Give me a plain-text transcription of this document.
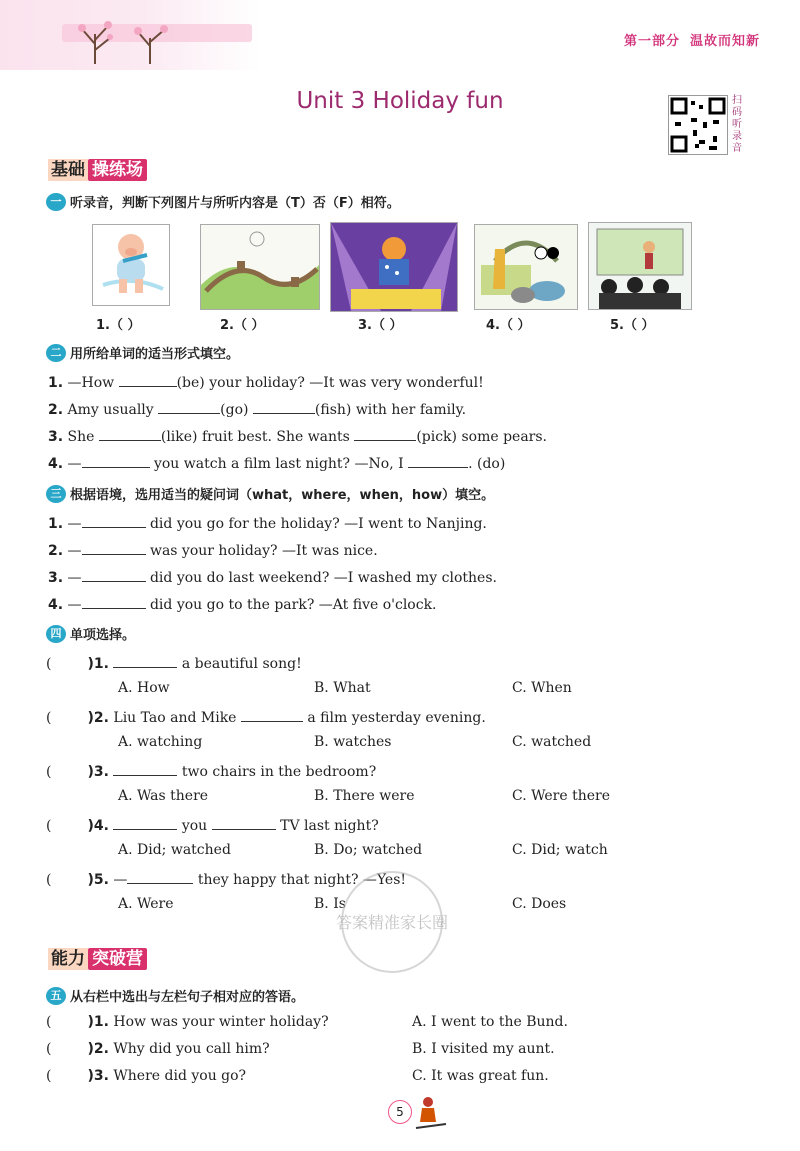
第一部分 温故而知新
Unit 3 Holiday fun	扫码听录音
基础 操练场
一 听录音，判断下列图片与所听内容是（T）否（F）相符。
1.（ ）	2.（ ）	3.（ ）	4.（ ）	5.（ ）
二 用所给单词的适当形式填空。
1. —How	(be) your holiday? —It was very wonderful!
2. Amy usually	(go)	(fish) with her family.
3. She	(like) fruit best. She wants	(pick) some pears.
4. —	you watch a film last night? —No, I	. (do)
三 根据语境，选用适当的疑问词（what，where，when，how）填空。
1. —	did you go for the holiday? —I went to Nanjing.
2. —	was your holiday? —It was nice.
3. —	did you do last weekend? —I washed my clothes.
4. —	did you go to the park? —At five o'clock.
四 单项选择。
(	)1.	a beautiful song!
A. How	B. What	C. When
(	)2. Liu Tao and Mike	a film yesterday evening.
A. watching	B. watches	C. watched
(	)3.	two chairs in the bedroom?
A. Was there	B. There were	C. Were there
(	)4.	you	TV last night?
A. Did; watched	B. Do; watched	C. Did; watch
(	)5. —	they happy that night? —Yes!
A. Were	B. Is	C. Does
答案精准家长圈
能力 突破营
五 从右栏中选出与左栏句子相对应的答语。
(	)1. How was your winter holiday?	A. I went to the Bund.
(	)2. Why did you call him?	B. I visited my aunt.
(	)3. Where did you go?	C. It was great fun.
5
